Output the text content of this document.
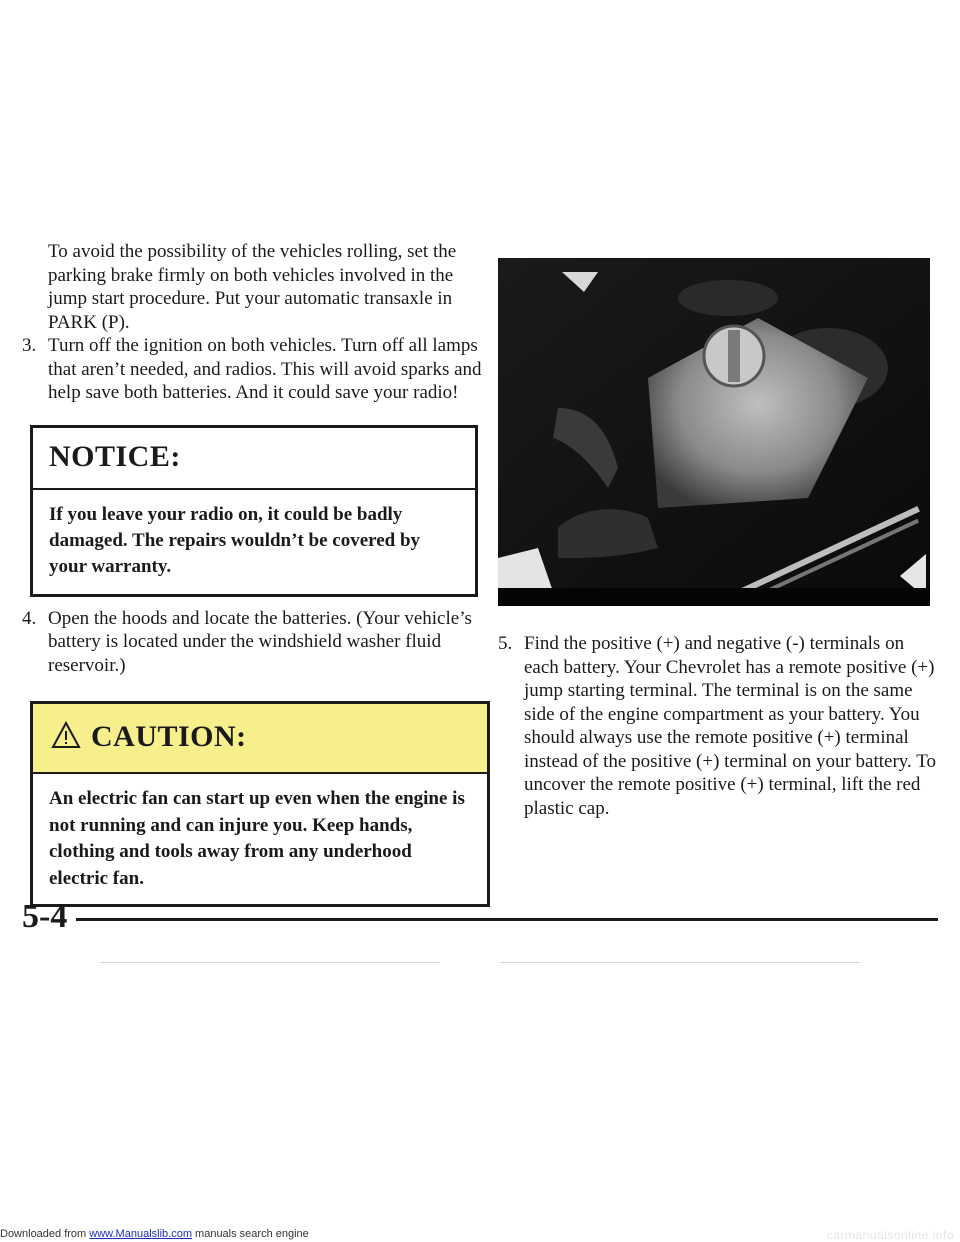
To avoid the possibility of the vehicles rolling, set the parking brake firmly on both vehicles involved in the jump start procedure. Put your automatic transaxle in PARK (P).
3. Turn off the ignition on both vehicles. Turn off all lamps that aren’t needed, and radios. This will avoid sparks and help save both batteries. And it could save your radio!
NOTICE:
If you leave your radio on, it could be badly damaged. The repairs wouldn’t be covered by your warranty.
4. Open the hoods and locate the batteries. (Your vehicle’s battery is located under the windshield washer fluid reservoir.)
CAUTION:
An electric fan can start up even when the engine is not running and can injure you. Keep hands, clothing and tools away from any underhood electric fan.
5. Find the positive (+) and negative (-) terminals on each battery. Your Chevrolet has a remote positive (+) jump starting terminal. The terminal is on the same side of the engine compartment as your battery. You should always use the remote positive (+) terminal instead of the positive (+) terminal on your battery. To uncover the remote positive (+) terminal, lift the red plastic cap.
5-4
Downloaded from www.Manualslib.com manuals search engine	carmanualsonline.info
